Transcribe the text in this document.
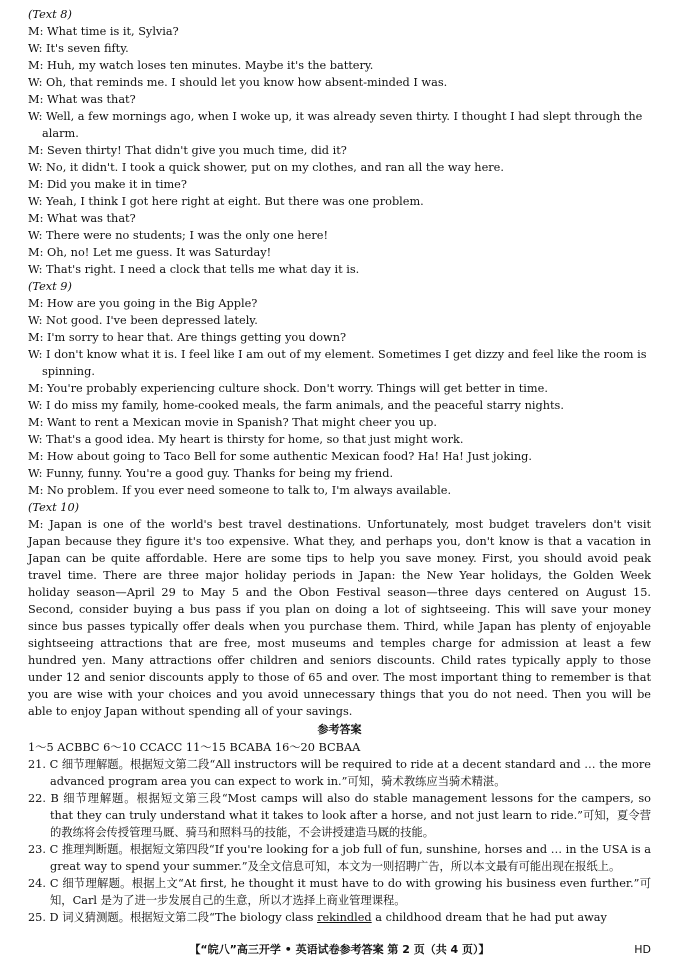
(Text 8)
M: What time is it, Sylvia?
W: It's seven fifty.
M: Huh, my watch loses ten minutes. Maybe it's the battery.
W: Oh, that reminds me. I should let you know how absent-minded I was.
M: What was that?
W: Well, a few mornings ago, when I woke up, it was already seven thirty. I thought I had slept through the alarm.
M: Seven thirty! That didn't give you much time, did it?
W: No, it didn't. I took a quick shower, put on my clothes, and ran all the way here.
M: Did you make it in time?
W: Yeah, I think I got here right at eight. But there was one problem.
M: What was that?
W: There were no students; I was the only one here!
M: Oh, no! Let me guess. It was Saturday!
W: That's right. I need a clock that tells me what day it is.
(Text 9)
M: How are you going in the Big Apple?
W: Not good. I've been depressed lately.
M: I'm sorry to hear that. Are things getting you down?
W: I don't know what it is. I feel like I am out of my element. Sometimes I get dizzy and feel like the room is spinning.
M: You're probably experiencing culture shock. Don't worry. Things will get better in time.
W: I do miss my family, home-cooked meals, the farm animals, and the peaceful starry nights.
M: Want to rent a Mexican movie in Spanish? That might cheer you up.
W: That's a good idea. My heart is thirsty for home, so that just might work.
M: How about going to Taco Bell for some authentic Mexican food? Ha! Ha! Just joking.
W: Funny, funny. You're a good guy. Thanks for being my friend.
M: No problem. If you ever need someone to talk to, I'm always available.
(Text 10)
M: Japan is one of the world's best travel destinations. Unfortunately, most budget travelers don't visit Japan because they figure it's too expensive. What they, and perhaps you, don't know is that a vacation in Japan can be quite affordable. Here are some tips to help you save money. First, you should avoid peak travel time. There are three major holiday periods in Japan: the New Year holidays, the Golden Week holiday season—April 29 to May 5 and the Obon Festival season—three days centered on August 15. Second, consider buying a bus pass if you plan on doing a lot of sightseeing. This will save your money since bus passes typically offer deals when you purchase them. Third, while Japan has plenty of enjoyable sightseeing attractions that are free, most museums and temples charge for admission at least a few hundred yen. Many attractions offer children and seniors discounts. Child rates typically apply to those under 12 and senior discounts apply to those of 65 and over. The most important thing to remember is that you are wise with your choices and you avoid unnecessary things that you do not need. Then you will be able to enjoy Japan without spending all of your savings.
参考答案
1～5 ACBBC 6～10 CCACC 11～15 BCABA 16～20 BCBAA
21. C 细节理解题。根据短文第二段“All instructors will be required to ride at a decent standard and … the more advanced program area you can expect to work in.”可知，骑术教练应当骑术精湛。
22. B 细节理解题。根据短文第三段“Most camps will also do stable management lessons for the campers, so that they can truly understand what it takes to look after a horse, and not just learn to ride.”可知，夏令营的教练将会传授管理马厩、骑马和照料马的技能，不会讲授建造马厩的技能。
23. C 推理判断题。根据短文第四段“If you're looking for a job full of fun, sunshine, horses and … in the USA is a great way to spend your summer.”及全文信息可知，本文为一则招聘广告，所以本文最有可能出现在报纸上。
24. C 细节理解题。根据上文“At first, he thought it must have to do with growing his business even further.”可知，Carl 是为了进一步发展自己的生意，所以才选择上商业管理课程。
25. D 词义猜测题。根据短文第二段“The biology class rekindled a childhood dream that he had put away
【“皖八”高三开学 • 英语试卷参考答案 第 2 页（共 4 页）】	HD
